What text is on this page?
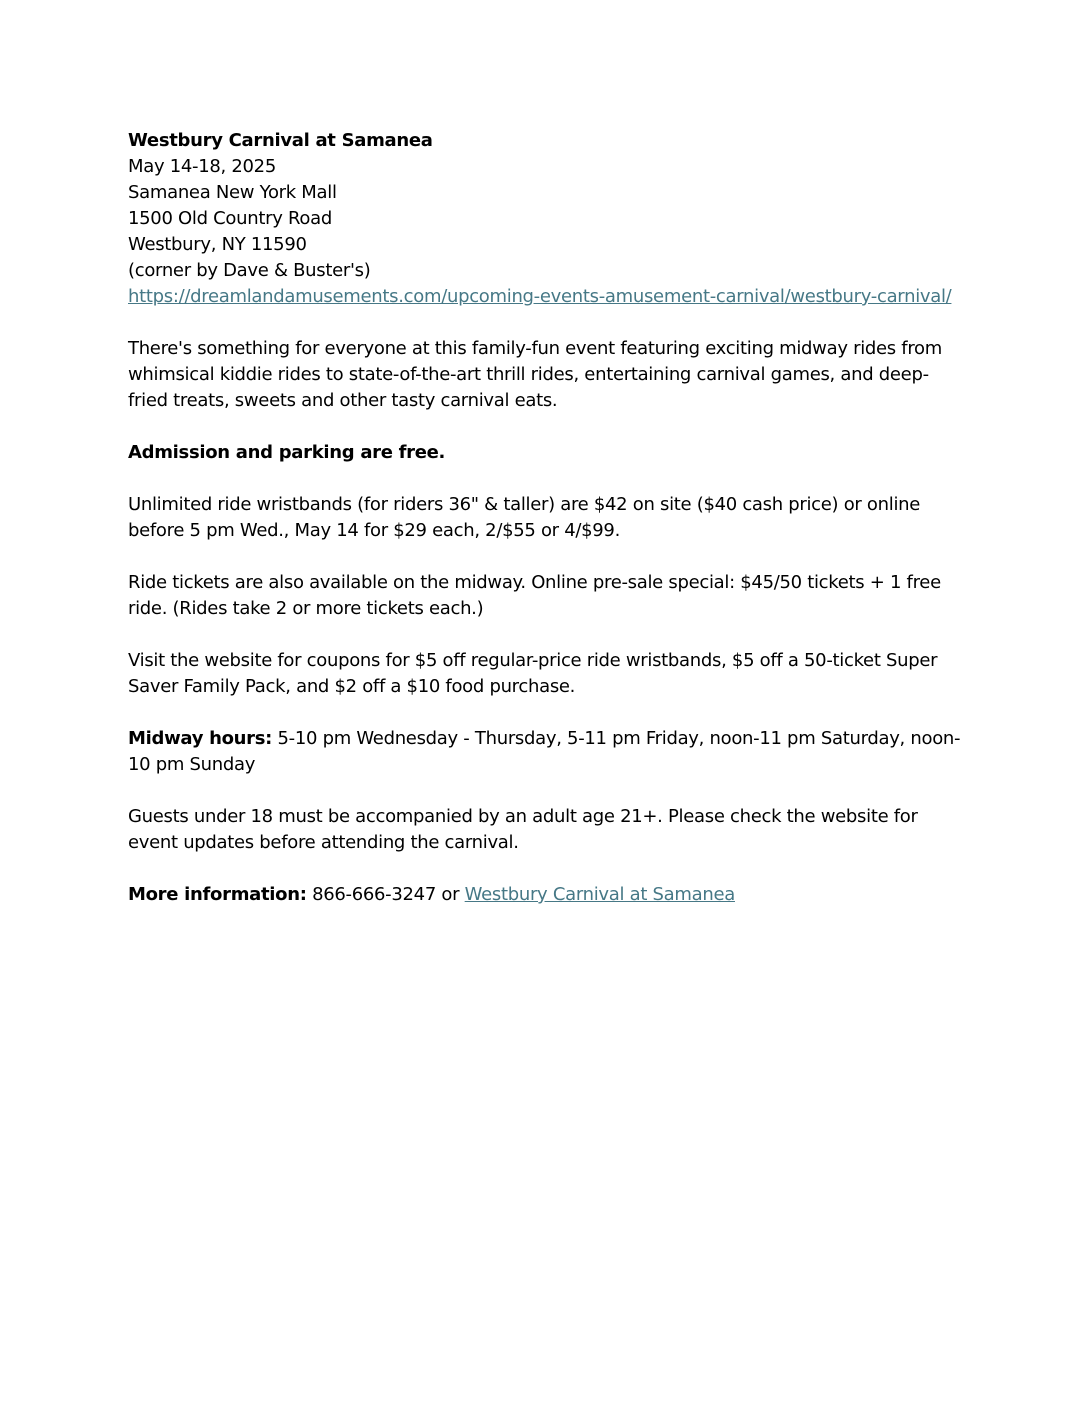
Westbury Carnival at Samanea
May 14-18, 2025
Samanea New York Mall
1500 Old Country Road
Westbury, NY 11590
(corner by Dave & Buster's)
https://dreamlandamusements.com/upcoming-events-amusement-carnival/westbury-carnival/

There's something for everyone at this family-fun event featuring exciting midway rides from whimsical kiddie rides to state-of-the-art thrill rides, entertaining carnival games, and deep-fried treats, sweets and other tasty carnival eats.

Admission and parking are free.

Unlimited ride wristbands (for riders 36" & taller) are $42 on site ($40 cash price) or online before 5 pm Wed., May 14 for $29 each, 2/$55 or 4/$99.

Ride tickets are also available on the midway. Online pre-sale special: $45/50 tickets + 1 free ride. (Rides take 2 or more tickets each.)

Visit the website for coupons for $5 off regular-price ride wristbands, $5 off a 50-ticket Super Saver Family Pack, and $2 off a $10 food purchase.

Midway hours: 5-10 pm Wednesday - Thursday, 5-11 pm Friday, noon-11 pm Saturday, noon-10 pm Sunday

Guests under 18 must be accompanied by an adult age 21+. Please check the website for event updates before attending the carnival.

More information: 866-666-3247 or Westbury Carnival at Samanea
